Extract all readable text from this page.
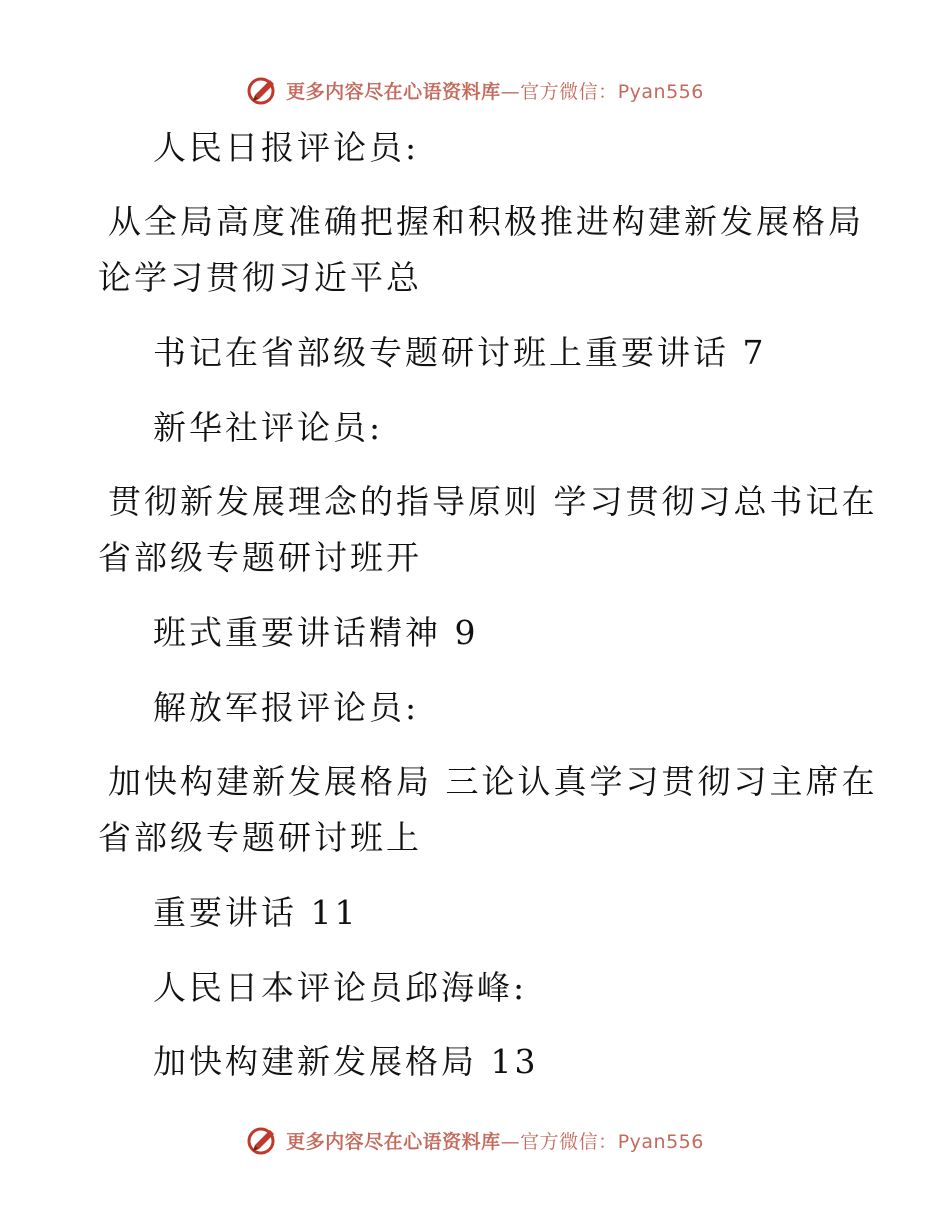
更多内容尽在心语资料库—官方微信：Pyan556
人民日报评论员:
从全局高度准确把握和积极推进构建新发展格局
论学习贯彻习近平总
书记在省部级专题研讨班上重要讲话 7
新华社评论员:
贯彻新发展理念的指导原则 学习贯彻习总书记在
省部级专题研讨班开
班式重要讲话精神 9
解放军报评论员:
加快构建新发展格局 三论认真学习贯彻习主席在
省部级专题研讨班上
重要讲话 11
人民日本评论员邱海峰:
加快构建新发展格局 13
更多内容尽在心语资料库—官方微信：Pyan556
